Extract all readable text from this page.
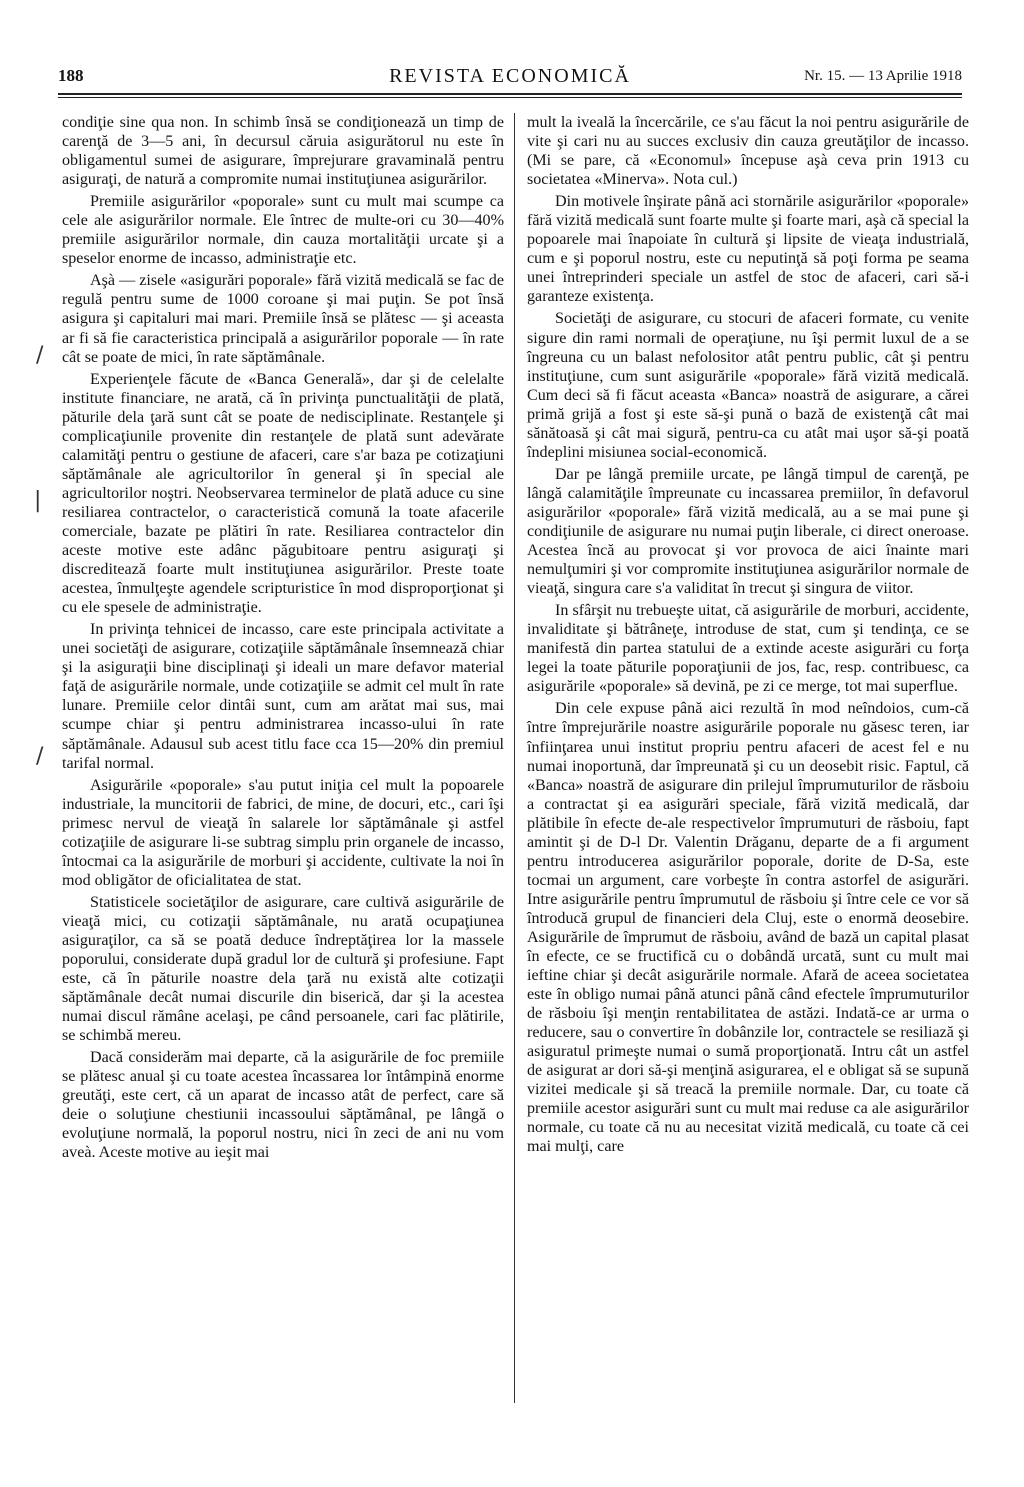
188	REVISTA ECONOMICĂ	Nr. 15. — 13 Aprilie 1918

condiţie sine qua non. In schimb însă se condiţionează un timp de carenţă de 3—5 ani, în decursul căruia asigurătorul nu este în obligamentul sumei de asigurare, împrejurare gravaminală pentru asiguraţi, de natură a compromite numai instituţiunea asigurărilor.

Premiile asigurărilor «poporale» sunt cu mult mai scumpe ca cele ale asigurărilor normale. Ele întrec de multe-ori cu 30—40% premiile asigurărilor normale, din cauza mortalităţii urcate şi a speselor enorme de incasso, administraţie etc.

Aşà — zisele «asigurări poporale» fără vizită medicală se fac de regulă pentru sume de 1000 coroane şi mai puţin. Se pot însă asigura şi capitaluri mai mari. Premiile însă se plătesc — şi aceasta ar fi să fie caracteristica principală a asigurărilor poporale — în rate cât se poate de mici, în rate săptămânale.

Experienţele făcute de «Banca Generală», dar şi de celelalte institute financiare, ne arată, că în privinţa punctualităţii de plată, păturile dela ţară sunt cât se poate de nedisciplinate. Restanţele şi complicaţiunile provenite din restanţele de plată sunt adevărate calamităţi pentru o gestiune de afaceri, care s'ar baza pe cotizaţiuni săptămânale ale agricultorilor în general şi în special ale agricultorilor noştri. Neobservarea terminelor de plată aduce cu sine resiliarea contractelor, o caracteristică comună la toate afacerile comerciale, bazate pe plătiri în rate. Resiliarea contractelor din aceste motive este adânc păgubitoare pentru asiguraţi şi discreditează foarte mult instituţiunea asigurărilor. Preste toate acestea, înmulţeşte agendele scripturistice în mod disproporţionat şi cu ele spesele de administraţie.

In privinţa tehnicei de incasso, care este principala activitate a unei societăţi de asigurare, cotizaţiile săptămânale însemnează chiar şi la asiguraţii bine disciplinaţi şi ideali un mare defavor material faţă de asigurările normale, unde cotizaţiile se admit cel mult în rate lunare. Premiile celor dintâi sunt, cum am arătat mai sus, mai scumpe chiar şi pentru administrarea incasso-ului în rate săptămânale. Adausul sub acest titlu face cca 15—20% din premiul tarifal normal.

Asigurările «poporale» s'au putut iniţia cel mult la popoarele industriale, la muncitorii de fabrici, de mine, de docuri, etc., cari îşi primesc nervul de vieaţă în salarele lor săptămânale şi astfel cotizaţiile de asigurare li-se subtrag simplu prin organele de incasso, întocmai ca la asigurările de morburi şi accidente, cultivate la noi în mod obligător de oficialitatea de stat.

Statisticele societăţilor de asigurare, care cultivă asigurările de vieaţă mici, cu cotizaţii săptămânale, nu arată ocupaţiunea asiguraţilor, ca să se poată deduce îndreptăţirea lor la massele poporului, considerate după gradul lor de cultură şi profesiune. Fapt este, că în păturile noastre dela ţară nu există alte cotizaţii săptămânale decât numai discurile din biserică, dar şi la acestea numai discul rămâne acelaşi, pe când persoanele, cari fac plătirile, se schimbă mereu.

Dacă considerăm mai departe, că la asigurările de foc premiile se plătesc anual şi cu toate acestea încassarea lor întâmpină enorme greutăţi, este cert, că un aparat de incasso atât de perfect, care să deie o soluţiune chestiunii incassoului săptămânal, pe lângă o evoluţiune normală, la poporul nostru, nici în zeci de ani nu vom aveà. Aceste motive au ieşit mai

mult la iveală la încercările, ce s'au făcut la noi pentru asigurările de vite şi cari nu au succes exclusiv din cauza greutăţilor de incasso. (Mi se pare, că «Economul» începuse aşà ceva prin 1913 cu societatea «Minerva». Nota cul.)

Din motivele înşirate până aci stornările asigurărilor «poporale» fără vizită medicală sunt foarte multe şi foarte mari, aşà că special la popoarele mai înapoiate în cultură şi lipsite de vieaţa industrială, cum e şi poporul nostru, este cu neputinţă să poţi forma pe seama unei întreprinderi speciale un astfel de stoc de afaceri, cari să-i garanteze existenţa.

Societăţi de asigurare, cu stocuri de afaceri formate, cu venite sigure din rami normali de operaţiune, nu îşi permit luxul de a se îngreuna cu un balast nefolositor atât pentru public, cât şi pentru instituţiune, cum sunt asigurările «poporale» fără vizită medicală. Cum deci să fi făcut aceasta «Banca» noastră de asigurare, a cărei primă grijă a fost şi este să-şi pună o bază de existenţă cât mai sănătoasă şi cât mai sigură, pentru-ca cu atât mai uşor să-şi poată îndeplini misiunea social-economică.

Dar pe lângă premiile urcate, pe lângă timpul de carenţă, pe lângă calamităţile împreunate cu incassarea premiilor, în defavorul asigurărilor «poporale» fără vizită medicală, au a se mai pune şi condiţiunile de asigurare nu numai puţin liberale, ci direct oneroase. Acestea încă au provocat şi vor provoca de aici înainte mari nemulţumiri şi vor compromite instituţiunea asigurărilor normale de vieaţă, singura care s'a validitat în trecut şi singura de viitor.

In sfârşit nu trebueşte uitat, că asigurările de morburi, accidente, invaliditate şi bătrâneţe, introduse de stat, cum şi tendinţa, ce se manifestă din partea statului de a extinde aceste asigurări cu forţa legei la toate păturile poporaţiunii de jos, fac, resp. contribuesc, ca asigurările «poporale» să devină, pe zi ce merge, tot mai superflue.

Din cele expuse până aici rezultă în mod neîndoios, cum-că între împrejurările noastre asigurările poporale nu găsesc teren, iar înfiinţarea unui institut propriu pentru afaceri de acest fel e nu numai inoportună, dar împreunată şi cu un deosebit risic. Faptul, că «Banca» noastră de asigurare din prilejul împrumuturilor de răsboiu a contractat şi ea asigurări speciale, fără vizită medicală, dar plătibile în efecte de-ale respectivelor împrumuturi de răsboiu, fapt amintit şi de D-l Dr. Valentin Drăganu, departe de a fi argument pentru introducerea asigurărilor poporale, dorite de D-Sa, este tocmai un argument, care vorbeşte în contra astorfel de asigurări. Intre asigurările pentru împrumutul de răsboiu şi între cele ce vor să întroducă grupul de financieri dela Cluj, este o enormă deosebire. Asigurările de împrumut de răsboiu, având de bază un capital plasat în efecte, ce se fructifică cu o dobândă urcată, sunt cu mult mai ieftine chiar şi decât asigurările normale. Afară de aceea societatea este în obligo numai până atunci până când efectele împrumuturilor de răsboiu îşi menţin rentabilitatea de astăzi. Indată-ce ar urma o reducere, sau o convertire în dobânzile lor, contractele se resiliază şi asiguratul primeşte numai o sumă proporţionată. Intru cât un astfel de asigurat ar dori să-şi menţină asigurarea, el e obligat să se supună vizitei medicale şi să treacă la premiile normale. Dar, cu toate că premiile acestor asigurări sunt cu mult mai reduse ca ale asigurărilor normale, cu toate că nu au necesitat vizită medicală, cu toate că cei mai mulţi, care

/
|
/
